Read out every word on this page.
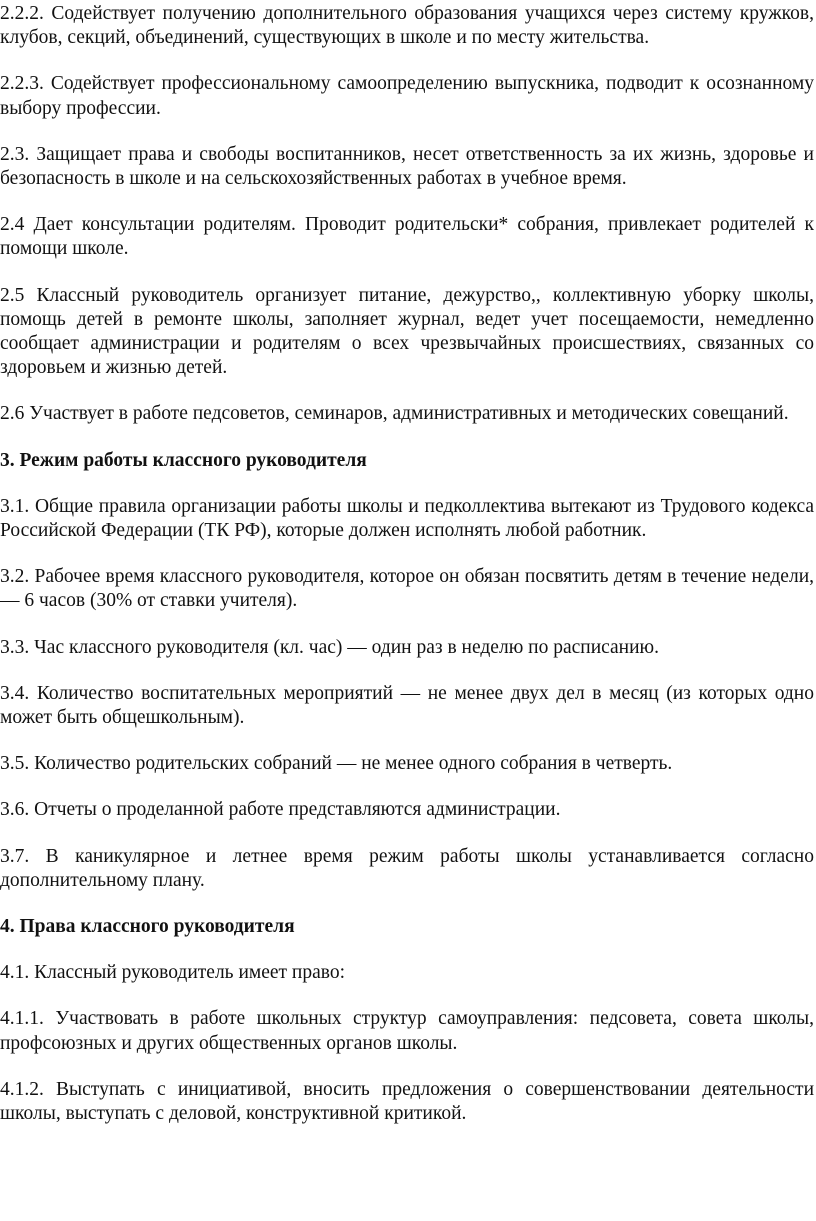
2.2.2. Содействует получению дополнительного образования учащихся через систему кружков, клубов, секций, объединений, существующих в школе и по месту жительства.

2.2.3. Содействует профессиональному самоопределению выпускника, подводит к осознанному выбору профессии.

2.3. Защищает права и свободы воспитанников, несет ответственность за их жизнь, здоровье и безопасность в школе и на сельскохозяйственных работах в учебное время.

2.4 Дает консультации родителям. Проводит родительски* собрания, привлекает родителей к помощи школе.

2.5 Классный руководитель организует питание, дежурство,, коллективную уборку школы, помощь детей в ремонте школы, заполняет журнал, ведет учет посещаемости, немедленно сообщает администрации и родителям о всех чрезвычайных происшествиях, связанных со здоровьем и жизнью детей.

2.6 Участвует в работе педсоветов, семинаров, административных и методических совещаний.

3. Режим работы классного руководителя

3.1. Общие правила организации работы школы и педколлектива вытекают из Трудового кодекса Российской Федерации (ТК РФ), которые должен исполнять любой работник.

3.2. Рабочее время классного руководителя, которое он обязан посвятить детям в течение недели, — 6 часов (30% от ставки учителя).

3.3. Час классного руководителя (кл. час) — один раз в неделю по расписанию.

3.4. Количество воспитательных мероприятий — не менее двух дел в месяц (из которых одно может быть общешкольным).

3.5. Количество родительских собраний — не менее одного собрания в четверть.

3.6. Отчеты о проделанной работе представляются администрации.

3.7. В каникулярное и летнее время режим работы школы устанавливается согласно дополнительному плану.

4. Права классного руководителя

4.1. Классный руководитель имеет право:

4.1.1. Участвовать в работе школьных структур самоуправления: педсовета, совета школы, профсоюзных и других общественных органов школы.

4.1.2. Выступать с инициативой, вносить предложения о совершенствовании деятельности школы, выступать с деловой, конструктивной критикой.
